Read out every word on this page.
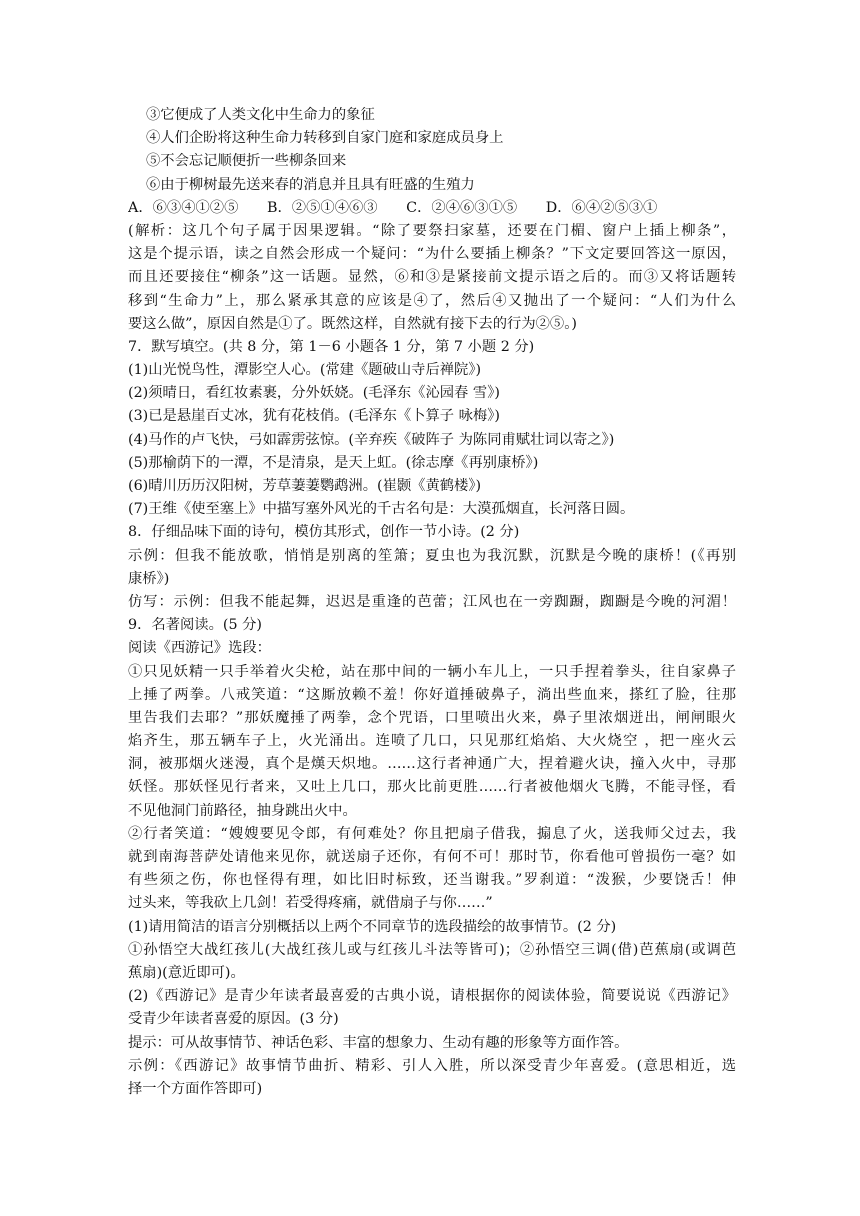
③它便成了人类文化中生命力的象征
④人们企盼将这种生命力转移到自家门庭和家庭成员身上
⑤不会忘记顺便折一些柳条回来
⑥由于柳树最先送来春的消息并且具有旺盛的生殖力
A．⑥③④①②⑤　　B．②⑤①④⑥③　　C．②④⑥③①⑤　　D．⑥④②⑤③①
(解析：这几个句子属于因果逻辑。“除了要祭扫家墓，还要在门楣、窗户上插上柳条”，
这是个提示语，读之自然会形成一个疑问：“为什么要插上柳条？”下文定要回答这一原因，
而且还要接住“柳条”这一话题。显然，⑥和③是紧接前文提示语之后的。而③又将话题转
移到“生命力”上，那么紧承其意的应该是④了，然后④又抛出了一个疑问：“人们为什么
要这么做”，原因自然是①了。既然这样，自然就有接下去的行为②⑤。)
7．默写填空。(共 8 分，第 1－6 小题各 1 分，第 7 小题 2 分)
(1)山光悦鸟性，潭影空人心。(常建《题破山寺后禅院》)
(2)须晴日，看红妆素裹，分外妖娆。(毛泽东《沁园春 雪》)
(3)已是悬崖百丈冰，犹有花枝俏。(毛泽东《卜算子 咏梅》)
(4)马作的卢飞快，弓如霹雳弦惊。(辛弃疾《破阵子 为陈同甫赋壮词以寄之》)
(5)那榆荫下的一潭，不是清泉，是天上虹。(徐志摩《再别康桥》)
(6)晴川历历汉阳树，芳草萋萋鹦鹉洲。(崔颢《黄鹤楼》)
(7)王维《使至塞上》中描写塞外风光的千古名句是：大漠孤烟直，长河落日圆。
8．仔细品味下面的诗句，模仿其形式，创作一节小诗。(2 分)
示例：但我不能放歌，悄悄是别离的笙箫；夏虫也为我沉默，沉默是今晚的康桥！(《再别
康桥》)
仿写：示例：但我不能起舞，迟迟是重逢的芭蕾；江风也在一旁踟蹰，踟蹰是今晚的河湄！
9．名著阅读。(5 分)
阅读《西游记》选段：
①只见妖精一只手举着火尖枪，站在那中间的一辆小车儿上，一只手捏着拳头，往自家鼻子
上捶了两拳。八戒笑道：“这厮放赖不羞！你好道捶破鼻子，淌出些血来，搽红了脸，往那
里告我们去耶？”那妖魔捶了两拳，念个咒语，口里喷出火来，鼻子里浓烟迸出，闸闸眼火
焰齐生，那五辆车子上，火光涌出。连喷了几口，只见那红焰焰、大火烧空 ，把一座火云
洞，被那烟火迷漫，真个是熯天炽地。……这行者神通广大，捏着避火诀，撞入火中，寻那
妖怪。那妖怪见行者来，又吐上几口，那火比前更胜……行者被他烟火飞腾，不能寻怪，看
不见他洞门前路径，抽身跳出火中。
②行者笑道：“嫂嫂要见令郎，有何难处？你且把扇子借我，搧息了火，送我师父过去，我
就到南海菩萨处请他来见你，就送扇子还你，有何不可！那时节，你看他可曾损伤一毫？如
有些须之伤，你也怪得有理，如比旧时标致，还当谢我。”罗刹道：“泼猴，少要饶舌！伸
过头来，等我砍上几剑！若受得疼痛，就借扇子与你……”
(1)请用简洁的语言分别概括以上两个不同章节的选段描绘的故事情节。(2 分)
①孙悟空大战红孩儿(大战红孩儿或与红孩儿斗法等皆可)；②孙悟空三调(借)芭蕉扇(或调芭
蕉扇)(意近即可)。
(2)《西游记》是青少年读者最喜爱的古典小说，请根据你的阅读体验，简要说说《西游记》
受青少年读者喜爱的原因。(3 分)
提示：可从故事情节、神话色彩、丰富的想象力、生动有趣的形象等方面作答。
示例：《西游记》故事情节曲折、精彩、引人入胜，所以深受青少年喜爱。(意思相近，选
择一个方面作答即可)
